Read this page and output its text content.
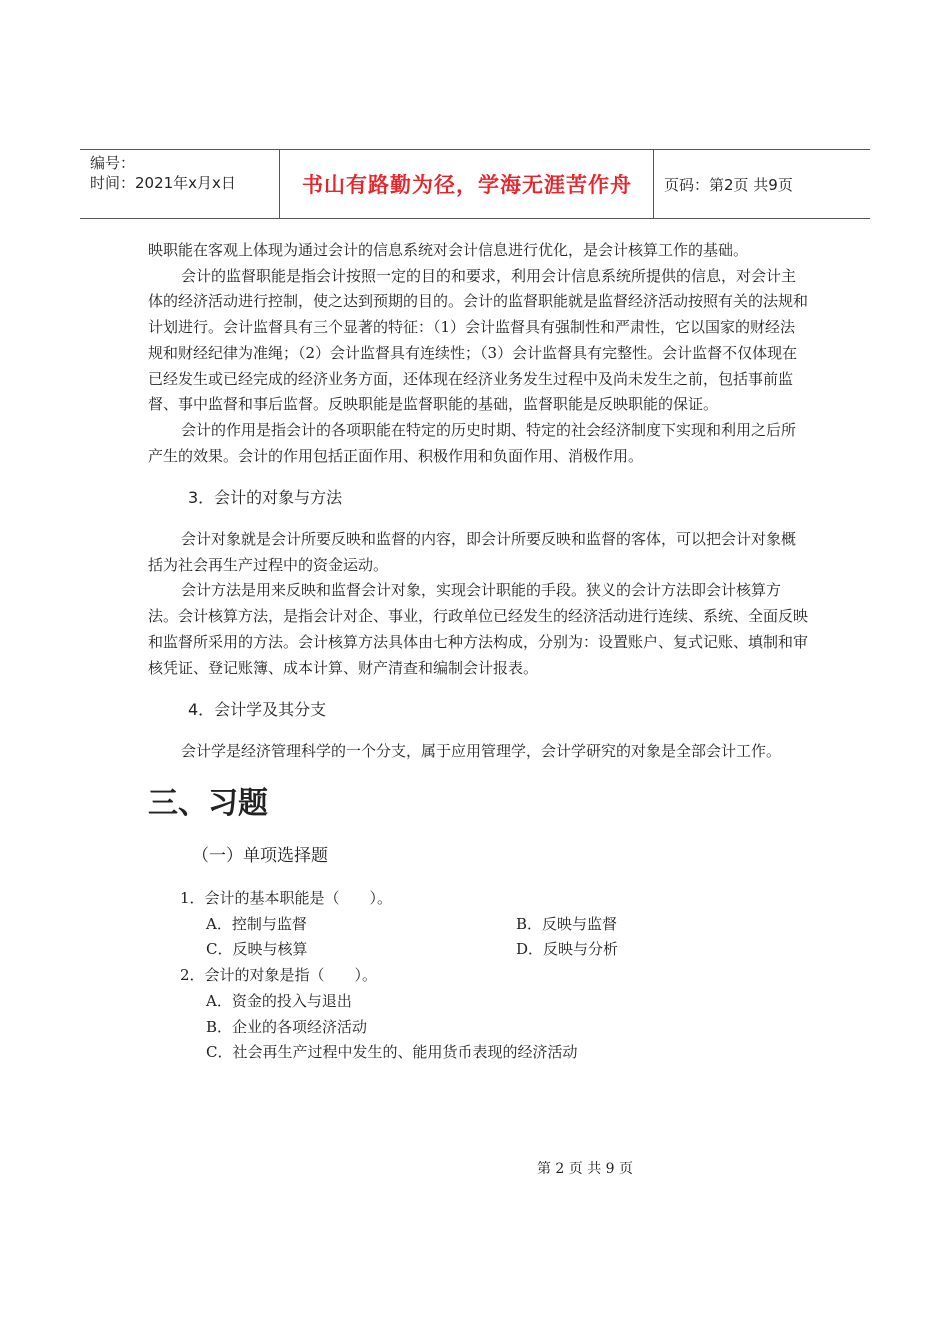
编号：
时间：2021年x月x日	书山有路勤为径，学海无涯苦作舟	页码：第2页 共9页

映职能在客观上体现为通过会计的信息系统对会计信息进行优化，是会计核算工作的基础。

会计的监督职能是指会计按照一定的目的和要求，利用会计信息系统所提供的信息，对会计主体的经济活动进行控制，使之达到预期的目的。会计的监督职能就是监督经济活动按照有关的法规和计划进行。会计监督具有三个显著的特征：（1）会计监督具有强制性和严肃性，它以国家的财经法规和财经纪律为准绳；（2）会计监督具有连续性；（3）会计监督具有完整性。会计监督不仅体现在已经发生或已经完成的经济业务方面，还体现在经济业务发生过程中及尚未发生之前，包括事前监督、事中监督和事后监督。反映职能是监督职能的基础，监督职能是反映职能的保证。

会计的作用是指会计的各项职能在特定的历史时期、特定的社会经济制度下实现和利用之后所产生的效果。会计的作用包括正面作用、积极作用和负面作用、消极作用。

3．会计的对象与方法

会计对象就是会计所要反映和监督的内容，即会计所要反映和监督的客体，可以把会计对象概括为社会再生产过程中的资金运动。

会计方法是用来反映和监督会计对象，实现会计职能的手段。狭义的会计方法即会计核算方法。会计核算方法，是指会计对企、事业，行政单位已经发生的经济活动进行连续、系统、全面反映和监督所采用的方法。会计核算方法具体由七种方法构成，分别为：设置账户、复式记账、填制和审核凭证、登记账簿、成本计算、财产清查和编制会计报表。

4．会计学及其分支

会计学是经济管理科学的一个分支，属于应用管理学，会计学研究的对象是全部会计工作。

三、习题

（一）单项选择题

1．会计的基本职能是（　　）。

A．控制与监督	B．反映与监督
C．反映与核算	D．反映与分析

2．会计的对象是指（　　）。

A．资金的投入与退出

B．企业的各项经济活动

C．社会再生产过程中发生的、能用货币表现的经济活动

第 2 页 共 9 页
